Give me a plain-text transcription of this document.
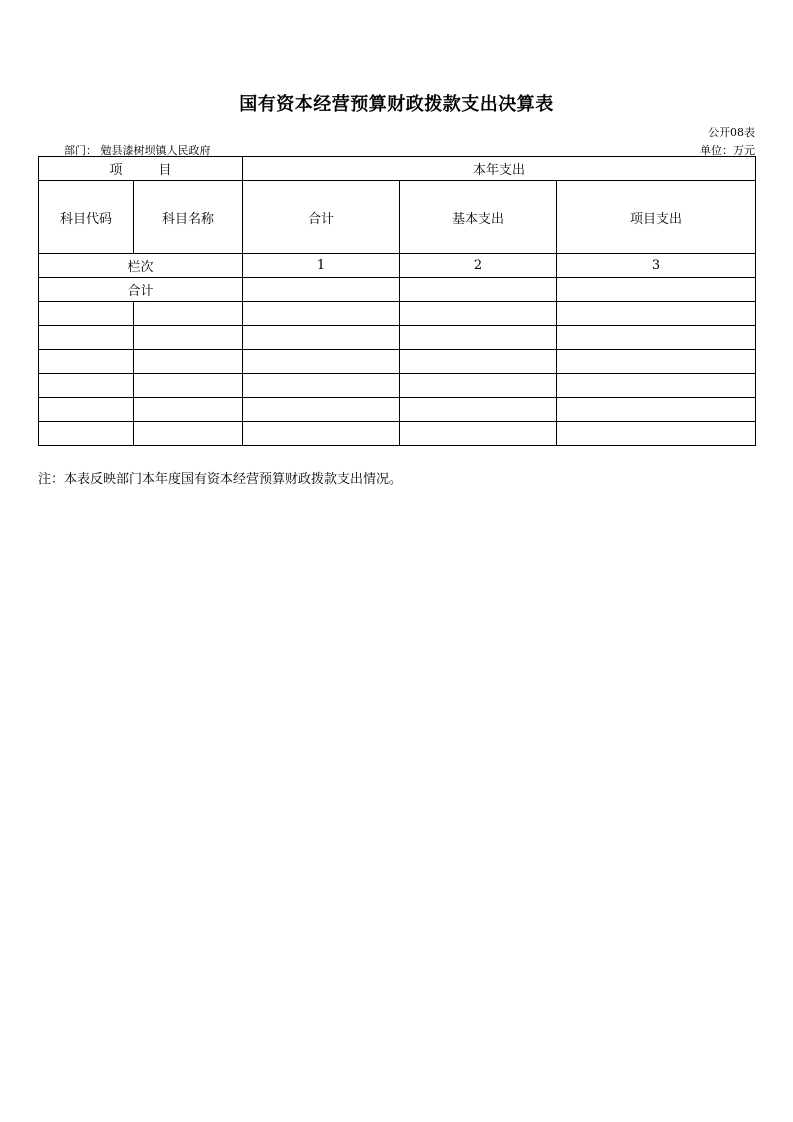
国有资本经营预算财政拨款支出决算表
公开08表
部门： 勉县漆树坝镇人民政府	单位：万元
项 目		本年支出		
科目代码	科目名称	合计	基本支出	项目支出
栏次		1	2	3
合计				

注：本表反映部门本年度国有资本经营预算财政拨款支出情况。
